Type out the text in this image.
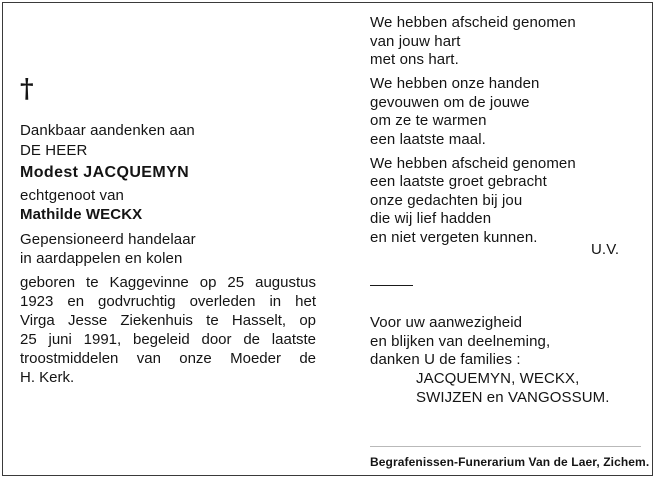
†
Dankbaar aandenken aan
DE HEER
Modest JACQUEMYN
echtgenoot van
Mathilde WECKX
Gepensioneerd handelaar
in aardappelen en kolen
geboren te Kaggevinne op 25 augustus
1923 en godvruchtig overleden in het
Virga Jesse Ziekenhuis te Hasselt, op
25 juni 1991, begeleid door de laatste
troostmiddelen van onze Moeder de
H. Kerk.
We hebben afscheid genomen
van jouw hart
met ons hart.
We hebben onze handen
gevouwen om de jouwe
om ze te warmen
een laatste maal.
We hebben afscheid genomen
een laatste groet gebracht
onze gedachten bij jou
die wij lief hadden
en niet vergeten kunnen.
U.V.
Voor uw aanwezigheid
en blijken van deelneming,
danken U de families :
JACQUEMYN, WECKX,
SWIJZEN en VANGOSSUM.
Begrafenissen-Funerarium Van de Laer, Zichem.
